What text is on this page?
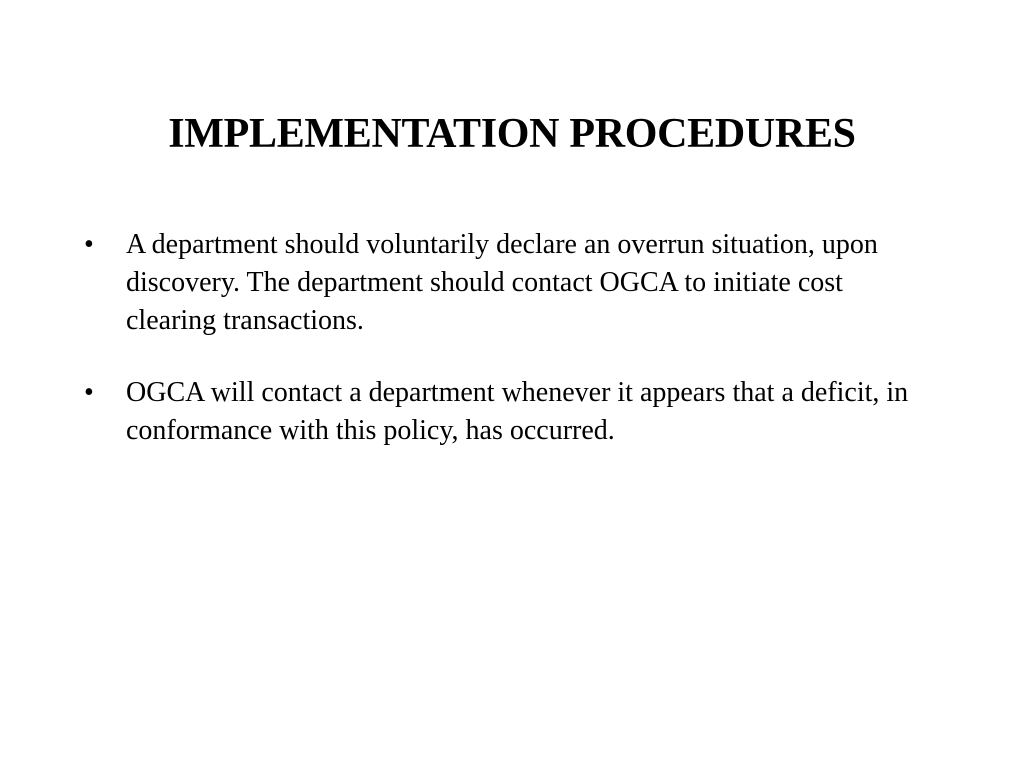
IMPLEMENTATION PROCEDURES
•	A department should voluntarily declare an overrun situation, upon discovery. The department should contact OGCA to initiate cost clearing transactions.
•	OGCA will contact a department whenever it appears that a deficit, in conformance with this policy, has occurred.
